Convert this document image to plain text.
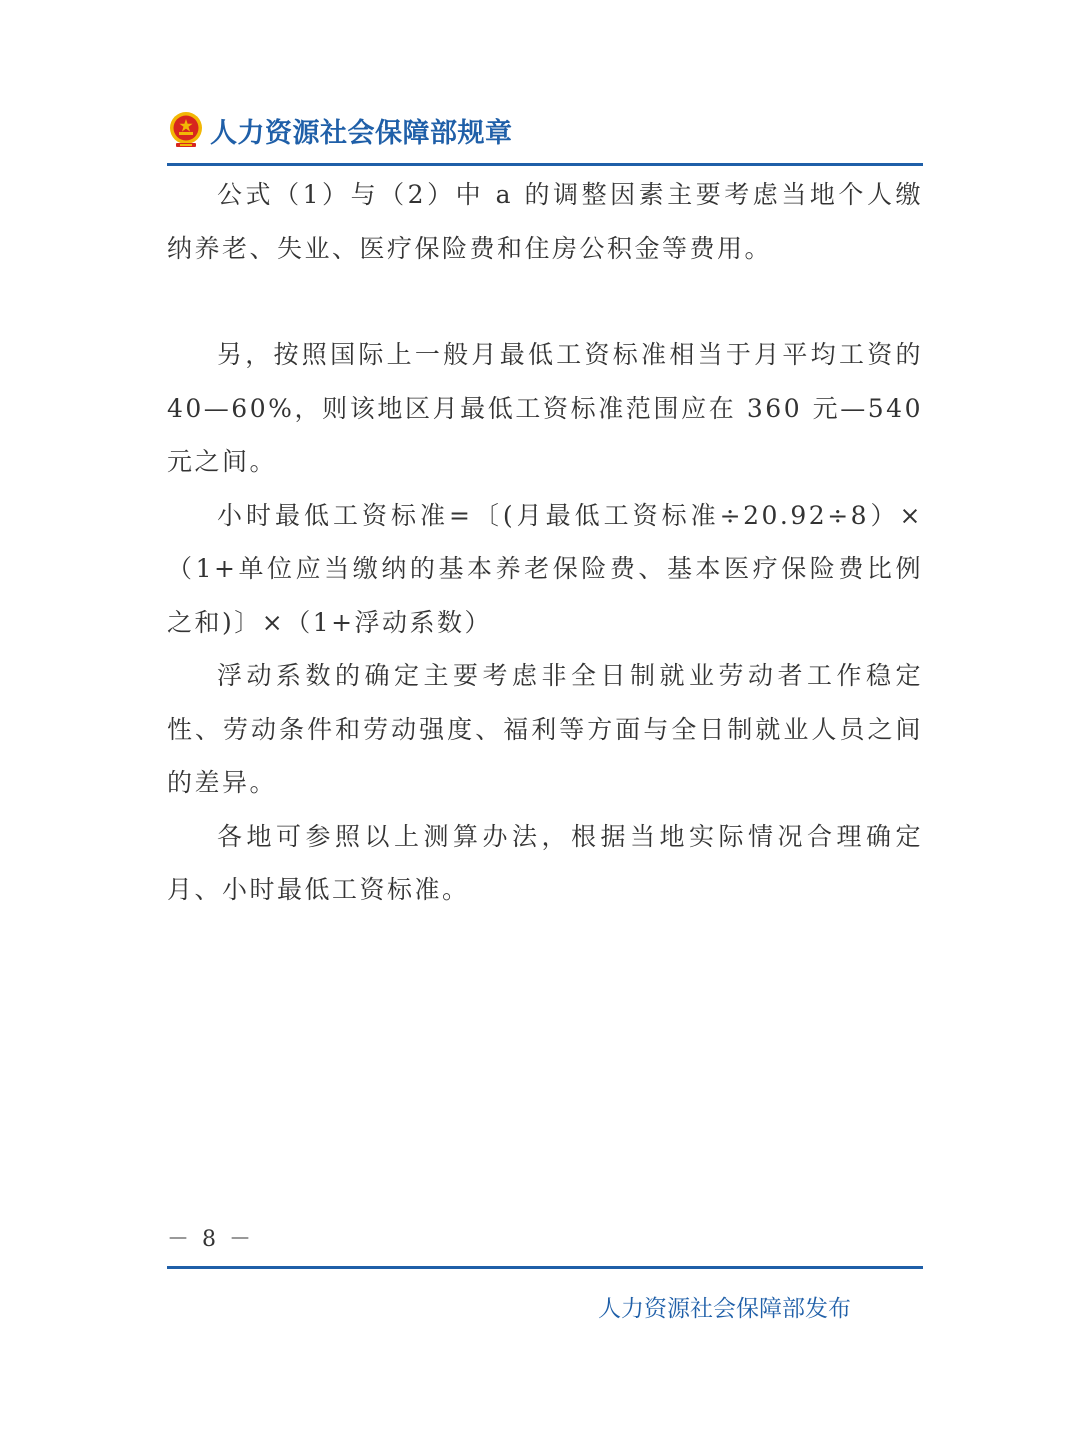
人力资源社会保障部规章

公式（1）与（2）中 a 的调整因素主要考虑当地个人缴纳养老、失业、医疗保险费和住房公积金等费用。

另，按照国际上一般月最低工资标准相当于月平均工资的40—60%，则该地区月最低工资标准范围应在 360 元—540 元之间。

小时最低工资标准=〔(月最低工资标准÷20.92÷8）×（1+单位应当缴纳的基本养老保险费、基本医疗保险费比例之和)〕×（1+浮动系数）

浮动系数的确定主要考虑非全日制就业劳动者工作稳定性、劳动条件和劳动强度、福利等方面与全日制就业人员之间的差异。

各地可参照以上测算办法，根据当地实际情况合理确定月、小时最低工资标准。

－ 8 －
人力资源社会保障部发布
